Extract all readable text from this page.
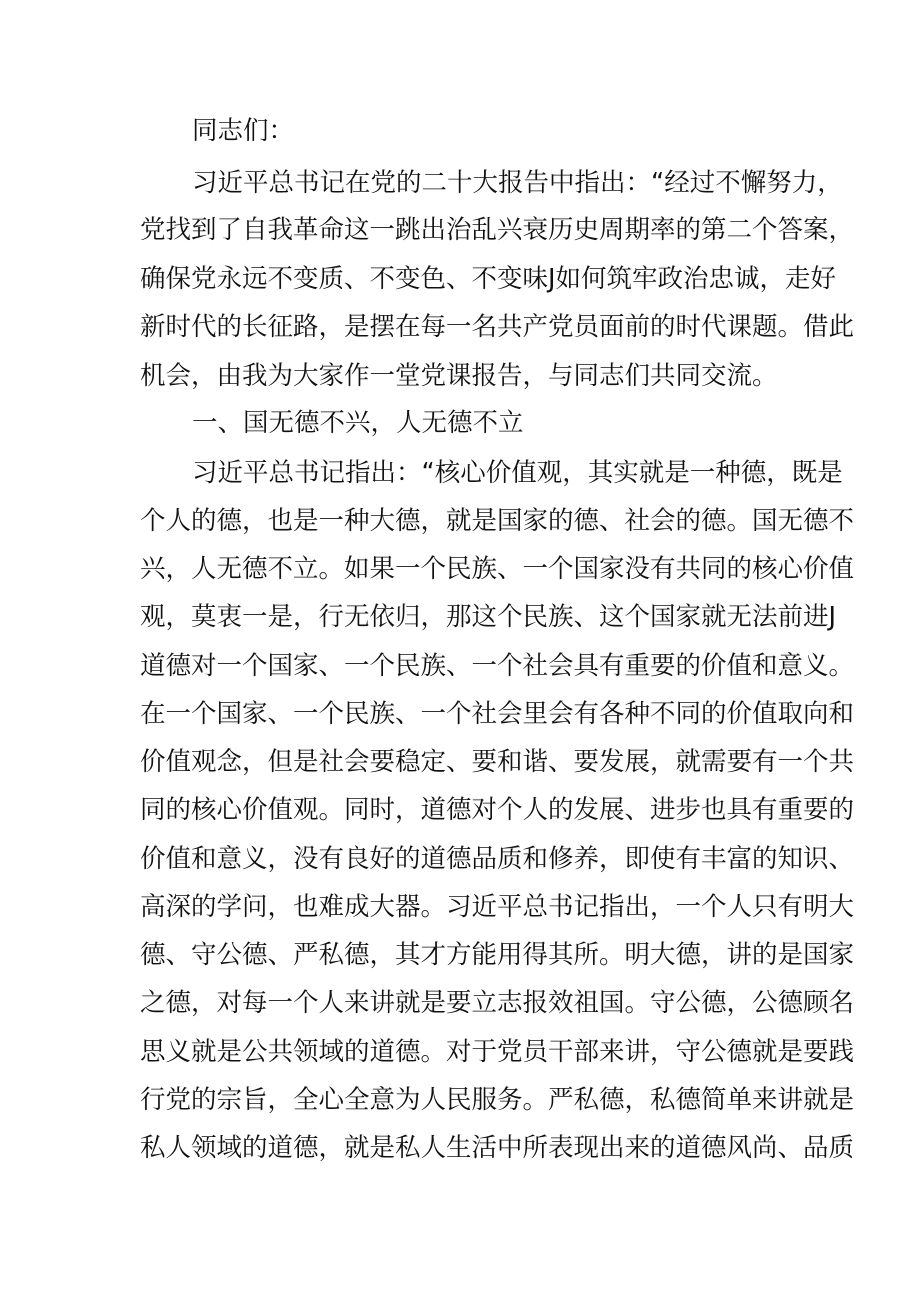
同志们：
习近平总书记在党的二十大报告中指出：“经过不懈努力，
党找到了自我革命这一跳出治乱兴衰历史周期率的第二个答案，
确保党永远不变质、不变色、不变味J如何筑牢政治忠诚，走好
新时代的长征路，是摆在每一名共产党员面前的时代课题。借此
机会，由我为大家作一堂党课报告，与同志们共同交流。
一、国无德不兴，人无德不立
习近平总书记指出：“核心价值观，其实就是一种德，既是
个人的德，也是一种大德，就是国家的德、社会的德。国无德不
兴，人无德不立。如果一个民族、一个国家没有共同的核心价值
观，莫衷一是，行无依归，那这个民族、这个国家就无法前进J
道德对一个国家、一个民族、一个社会具有重要的价值和意义。
在一个国家、一个民族、一个社会里会有各种不同的价值取向和
价值观念，但是社会要稳定、要和谐、要发展，就需要有一个共
同的核心价值观。同时，道德对个人的发展、进步也具有重要的
价值和意义，没有良好的道德品质和修养，即使有丰富的知识、
高深的学问，也难成大器。习近平总书记指出，一个人只有明大
德、守公德、严私德，其才方能用得其所。明大德，讲的是国家
之德，对每一个人来讲就是要立志报效祖国。守公德，公德顾名
思义就是公共领域的道德。对于党员干部来讲，守公德就是要践
行党的宗旨，全心全意为人民服务。严私德，私德简单来讲就是
私人领域的道德，就是私人生活中所表现出来的道德风尚、品质
